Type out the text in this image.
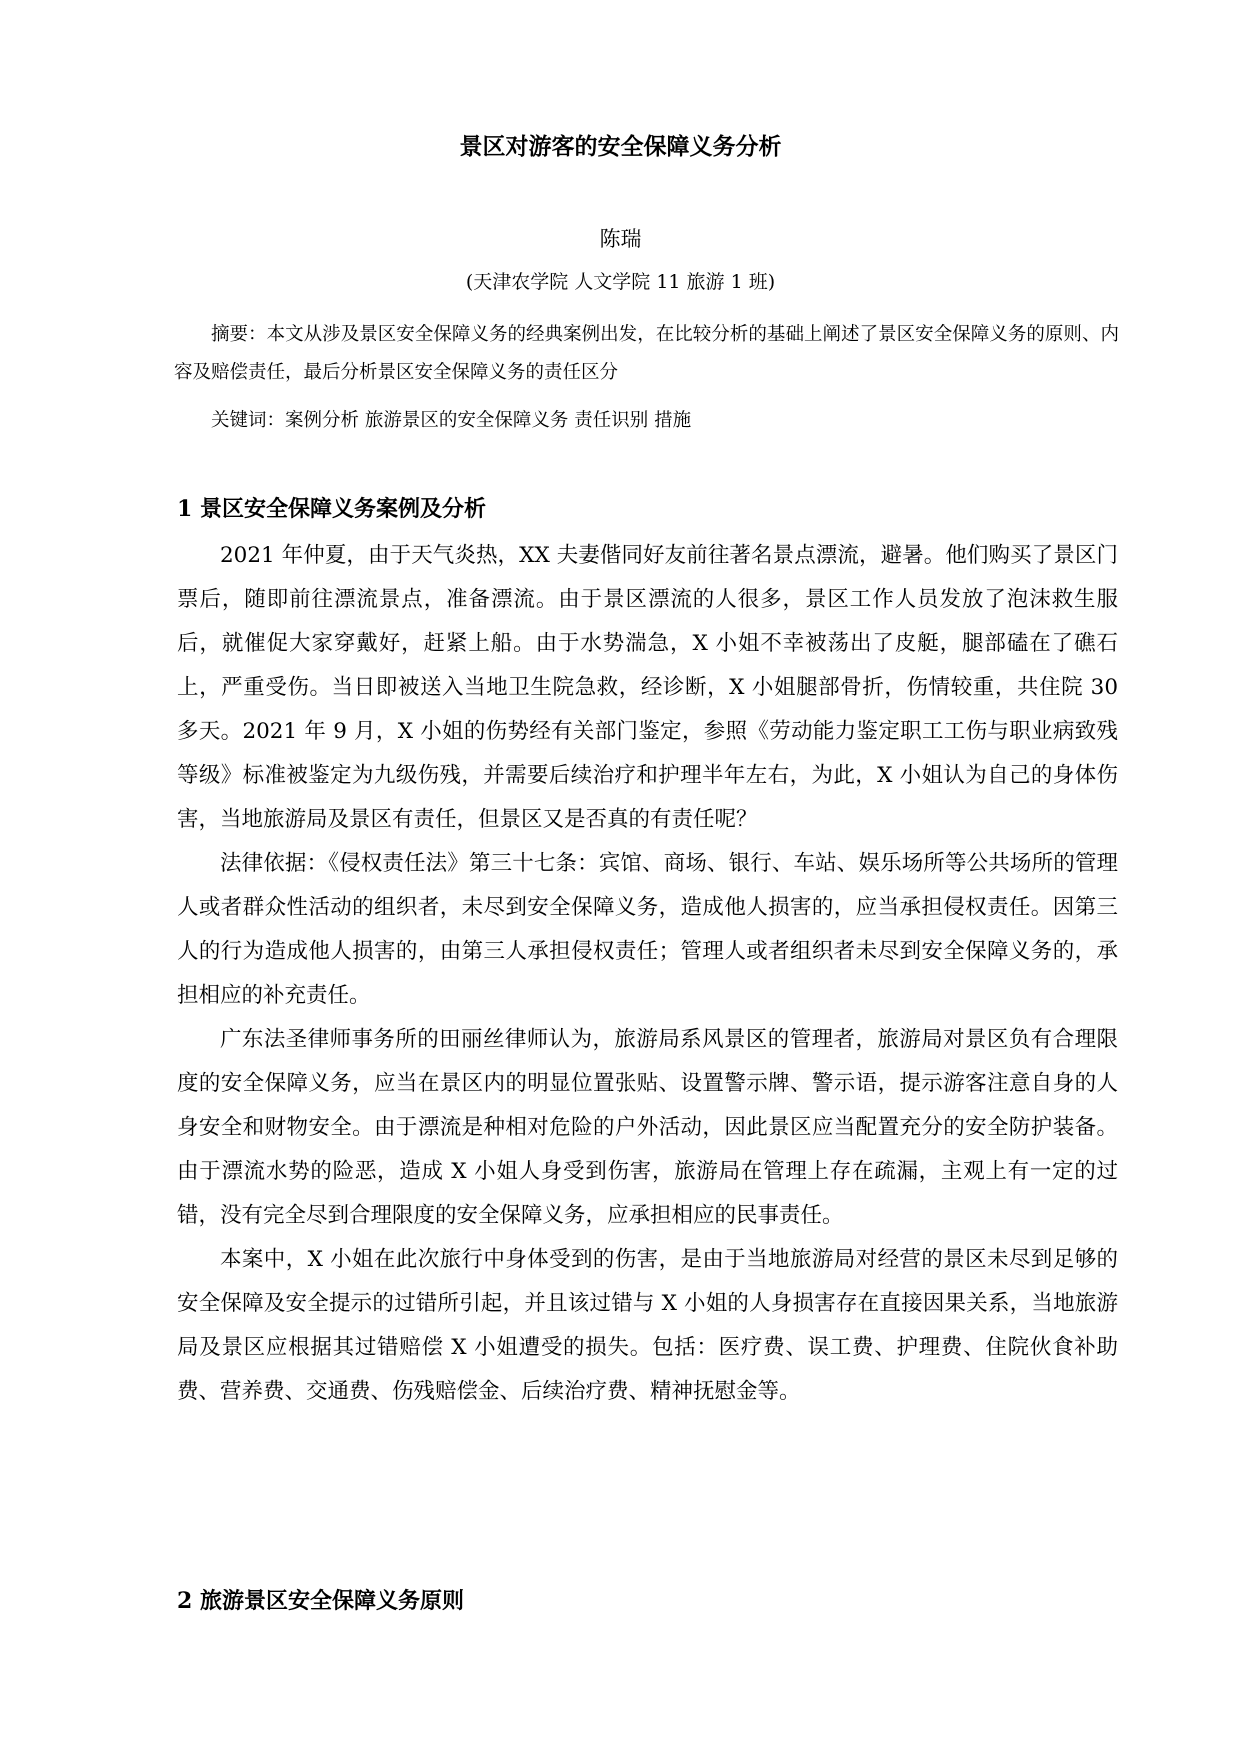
景区对游客的安全保障义务分析
陈瑞
(天津农学院 人文学院 11 旅游 1 班)

摘要：本文从涉及景区安全保障义务的经典案例出发，在比较分析的基础上阐述了景区安全保障义务的原则、内容及赔偿责任，最后分析景区安全保障义务的责任区分

关键词：案例分析 旅游景区的安全保障义务 责任识别 措施

1 景区安全保障义务案例及分析

2021 年仲夏，由于天气炎热，XX 夫妻偕同好友前往著名景点漂流，避暑。他们购买了景区门票后，随即前往漂流景点，准备漂流。由于景区漂流的人很多，景区工作人员发放了泡沫救生服后，就催促大家穿戴好，赶紧上船。由于水势湍急，X 小姐不幸被荡出了皮艇，腿部磕在了礁石上，严重受伤。当日即被送入当地卫生院急救，经诊断，X 小姐腿部骨折，伤情较重，共住院 30 多天。2021 年 9 月，X 小姐的伤势经有关部门鉴定，参照《劳动能力鉴定职工工伤与职业病致残等级》标准被鉴定为九级伤残，并需要后续治疗和护理半年左右，为此，X 小姐认为自己的身体伤害，当地旅游局及景区有责任，但景区又是否真的有责任呢？

法律依据：《侵权责任法》第三十七条：宾馆、商场、银行、车站、娱乐场所等公共场所的管理人或者群众性活动的组织者，未尽到安全保障义务，造成他人损害的，应当承担侵权责任。因第三人的行为造成他人损害的，由第三人承担侵权责任；管理人或者组织者未尽到安全保障义务的，承担相应的补充责任。

广东法圣律师事务所的田丽丝律师认为，旅游局系风景区的管理者，旅游局对景区负有合理限度的安全保障义务，应当在景区内的明显位置张贴、设置警示牌、警示语，提示游客注意自身的人身安全和财物安全。由于漂流是种相对危险的户外活动，因此景区应当配置充分的安全防护装备。由于漂流水势的险恶，造成 X 小姐人身受到伤害，旅游局在管理上存在疏漏，主观上有一定的过错，没有完全尽到合理限度的安全保障义务，应承担相应的民事责任。

本案中，X 小姐在此次旅行中身体受到的伤害，是由于当地旅游局对经营的景区未尽到足够的安全保障及安全提示的过错所引起，并且该过错与 X 小姐的人身损害存在直接因果关系，当地旅游局及景区应根据其过错赔偿 X 小姐遭受的损失。包括：医疗费、误工费、护理费、住院伙食补助费、营养费、交通费、伤残赔偿金、后续治疗费、精神抚慰金等。

2 旅游景区安全保障义务原则
